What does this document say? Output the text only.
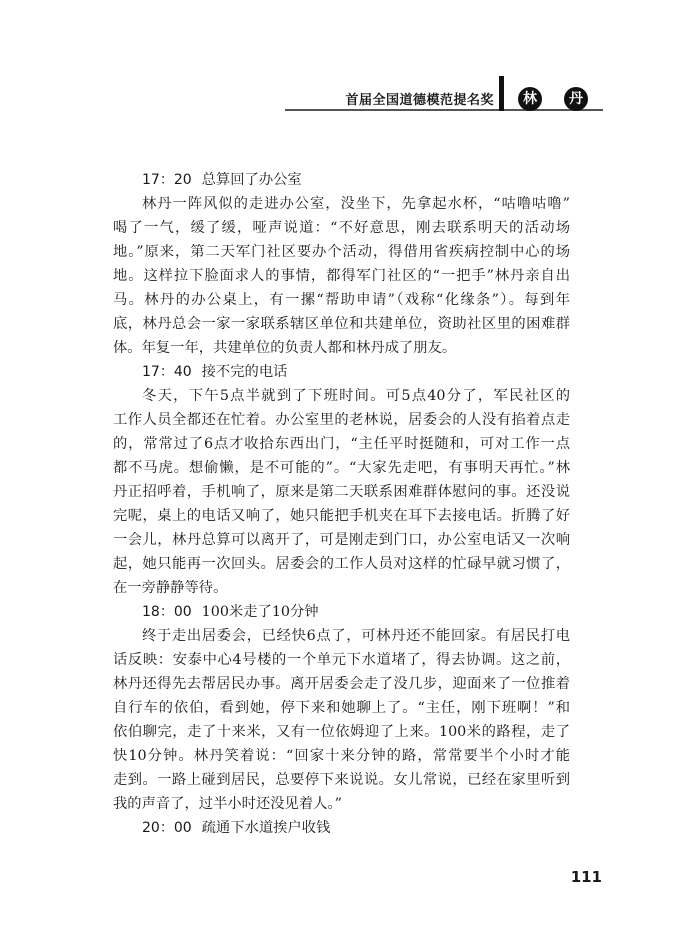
首届全国道德模范提名奖	林	丹
17：20 总算回了办公室
林丹一阵风似的走进办公室，没坐下，先拿起水杯，“咕噜咕噜”
喝了一气，缓了缓，哑声说道：“不好意思，刚去联系明天的活动场
地。”原来，第二天军门社区要办个活动，得借用省疾病控制中心的场
地。这样拉下脸面求人的事情，都得军门社区的“一把手”林丹亲自出
马。林丹的办公桌上，有一摞“帮助申请”（戏称“化缘条”）。每到年
底，林丹总会一家一家联系辖区单位和共建单位，资助社区里的困难群
体。年复一年，共建单位的负责人都和林丹成了朋友。
17：40 接不完的电话
冬天，下午5点半就到了下班时间。可5点40分了，军民社区的
工作人员全都还在忙着。办公室里的老林说，居委会的人没有掐着点走
的，常常过了6点才收拾东西出门，“主任平时挺随和，可对工作一点
都不马虎。想偷懒，是不可能的”。“大家先走吧，有事明天再忙。”林
丹正招呼着，手机响了，原来是第二天联系困难群体慰问的事。还没说
完呢，桌上的电话又响了，她只能把手机夹在耳下去接电话。折腾了好
一会儿，林丹总算可以离开了，可是刚走到门口，办公室电话又一次响
起，她只能再一次回头。居委会的工作人员对这样的忙碌早就习惯了，
在一旁静静等待。
18：00 100米走了10分钟
终于走出居委会，已经快6点了，可林丹还不能回家。有居民打电
话反映：安泰中心4号楼的一个单元下水道堵了，得去协调。这之前，
林丹还得先去帮居民办事。离开居委会走了没几步，迎面来了一位推着
自行车的依伯，看到她，停下来和她聊上了。“主任，刚下班啊！”和
依伯聊完，走了十来米，又有一位依姆迎了上来。100米的路程，走了
快10分钟。林丹笑着说：“回家十来分钟的路，常常要半个小时才能
走到。一路上碰到居民，总要停下来说说。女儿常说，已经在家里听到
我的声音了，过半小时还没见着人。”
20：00 疏通下水道挨户收钱
111
